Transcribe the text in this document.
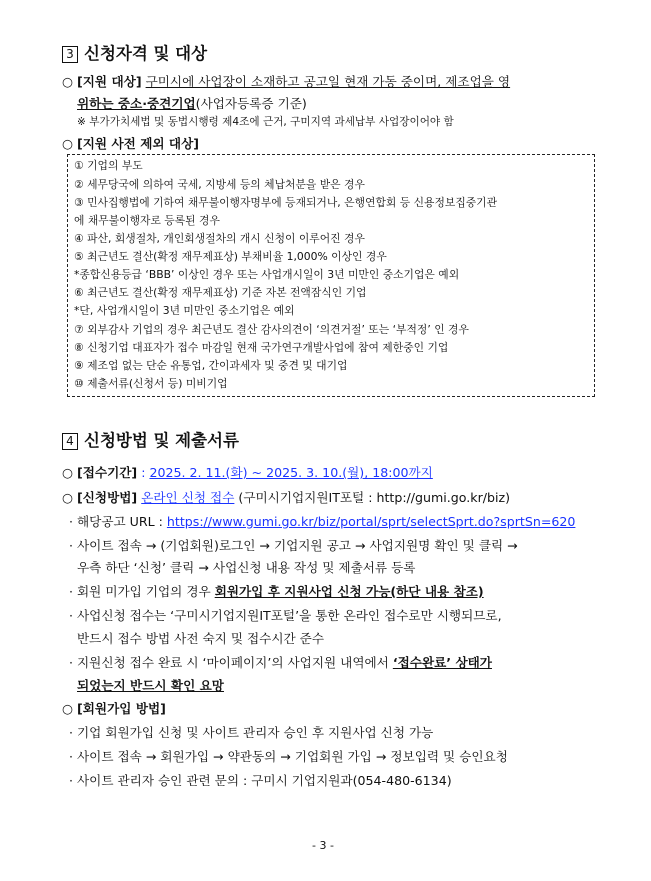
3 신청자격 및 대상
○ [지원 대상] 구미시에 사업장이 소재하고 공고일 현재 가동 중이며, 제조업을 영
위하는 중소·중견기업(사업자등록증 기준)
※ 부가가치세법 및 동법시행령 제4조에 근거, 구미지역 과세납부 사업장이어야 함
○ [지원 사전 제외 대상]
① 기업의 부도
② 세무당국에 의하여 국세, 지방세 등의 체납처분을 받은 경우
③ 민사집행법에 기하여 채무불이행자명부에 등재되거나, 은행연합회 등 신용정보집중기관
에 채무불이행자로 등록된 경우
④ 파산, 회생절차, 개인회생절차의 개시 신청이 이루어진 경우
⑤ 최근년도 결산(확정 재무제표상) 부채비율 1,000% 이상인 경우
*종합신용등급 ‘BBB’ 이상인 경우 또는 사업개시일이 3년 미만인 중소기업은 예외
⑥ 최근년도 결산(확정 재무제표상) 기준 자본 전액잠식인 기업
*단, 사업개시일이 3년 미만인 중소기업은 예외
⑦ 외부감사 기업의 경우 최근년도 결산 감사의견이 ‘의견거절’ 또는 ‘부적정’ 인 경우
⑧ 신청기업 대표자가 접수 마감일 현재 국가연구개발사업에 참여 제한중인 기업
⑨ 제조업 없는 단순 유통업, 간이과세자 및 중견 및 대기업
⑩ 제출서류(신청서 등) 미비기업
4 신청방법 및 제출서류
○ [접수기간] : 2025. 2. 11.(화) ~ 2025. 3. 10.(월), 18:00까지
○ [신청방법] 온라인 신청 접수 (구미시기업지원IT포털 : http://gumi.go.kr/biz)
· 해당공고 URL : https://www.gumi.go.kr/biz/portal/sprt/selectSprt.do?sprtSn=620
· 사이트 접속 → (기업회원)로그인 → 기업지원 공고 → 사업지원명 확인 및 클릭 →
우측 하단 ‘신청’ 클릭 → 사업신청 내용 작성 및 제출서류 등록
· 회원 미가입 기업의 경우 회원가입 후 지원사업 신청 가능(하단 내용 참조)
· 사업신청 접수는 ‘구미시기업지원IT포털’을 통한 온라인 접수로만 시행되므로,
반드시 접수 방법 사전 숙지 및 접수시간 준수
· 지원신청 접수 완료 시 ‘마이페이지’의 사업지원 내역에서 ‘접수완료’ 상태가
되었는지 반드시 확인 요망
○ [회원가입 방법]
· 기업 회원가입 신청 및 사이트 관리자 승인 후 지원사업 신청 가능
· 사이트 접속 → 회원가입 → 약관동의 → 기업회원 가입 → 정보입력 및 승인요청
· 사이트 관리자 승인 관련 문의 : 구미시 기업지원과(054-480-6134)
- 3 -
